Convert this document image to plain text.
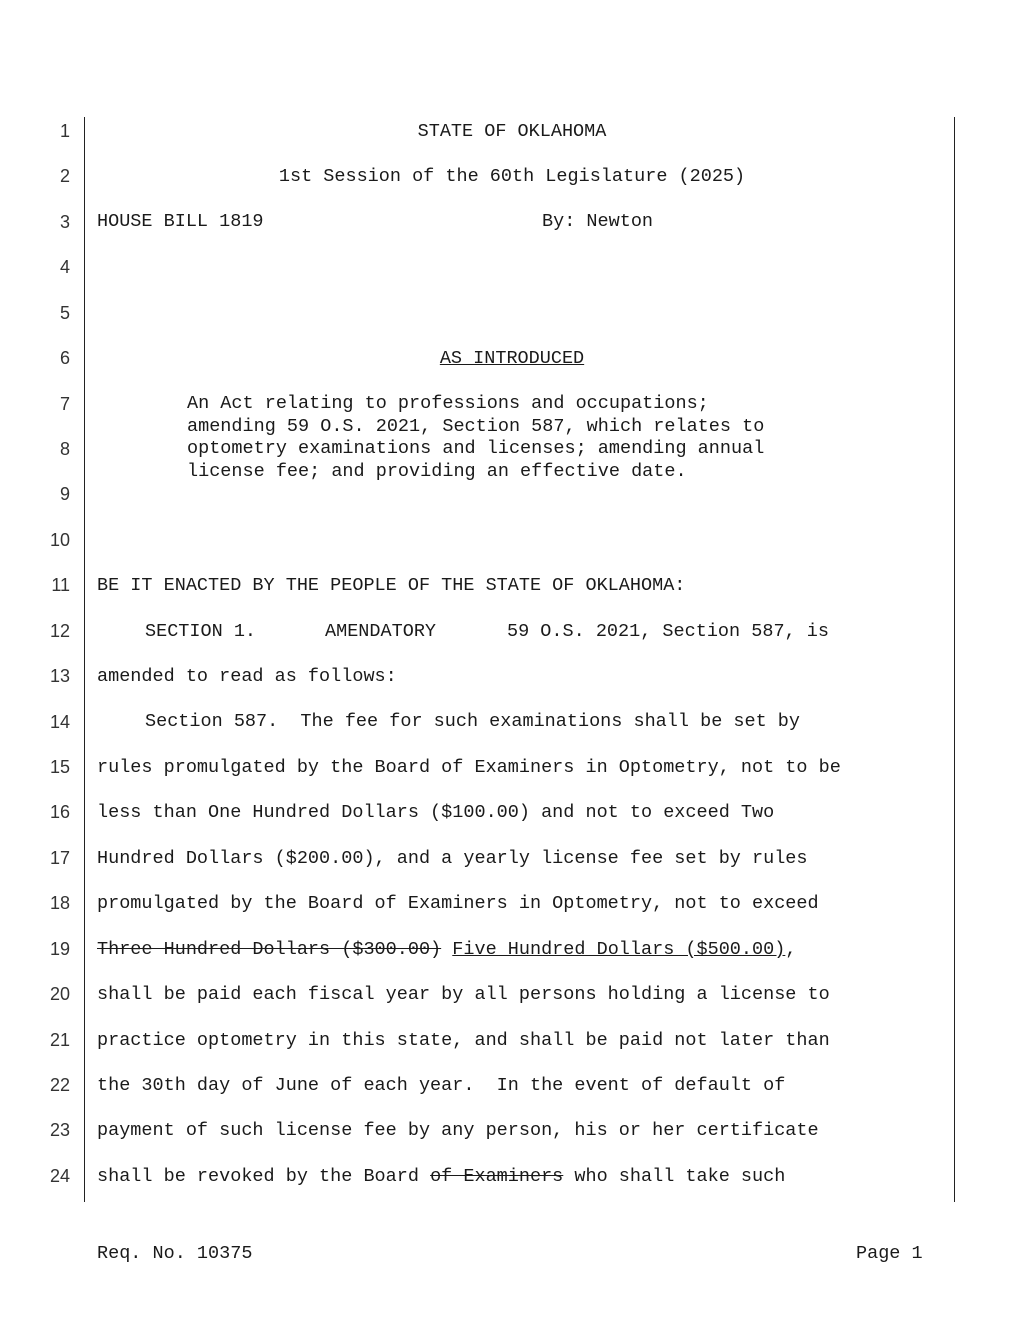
1
2
3
4
5
6
7
8
9
10
11
12
13
14
15
16
17
18
19
20
21
22
23
24
STATE OF OKLAHOMA
1st Session of the 60th Legislature (2025)
HOUSE BILL 1819	By: Newton
AS INTRODUCED
An Act relating to professions and occupations;
amending 59 O.S. 2021, Section 587, which relates to
optometry examinations and licenses; amending annual
license fee; and providing an effective date.
BE IT ENACTED BY THE PEOPLE OF THE STATE OF OKLAHOMA:
SECTION 1.	AMENDATORY	59 O.S. 2021, Section 587, is
amended to read as follows:
Section 587.  The fee for such examinations shall be set by
rules promulgated by the Board of Examiners in Optometry, not to be
less than One Hundred Dollars ($100.00) and not to exceed Two
Hundred Dollars ($200.00), and a yearly license fee set by rules
promulgated by the Board of Examiners in Optometry, not to exceed
Three Hundred Dollars ($300.00) Five Hundred Dollars ($500.00),
shall be paid each fiscal year by all persons holding a license to
practice optometry in this state, and shall be paid not later than
the 30th day of June of each year.  In the event of default of
payment of such license fee by any person, his or her certificate
shall be revoked by the Board of Examiners who shall take such
Req. No. 10375	Page 1
